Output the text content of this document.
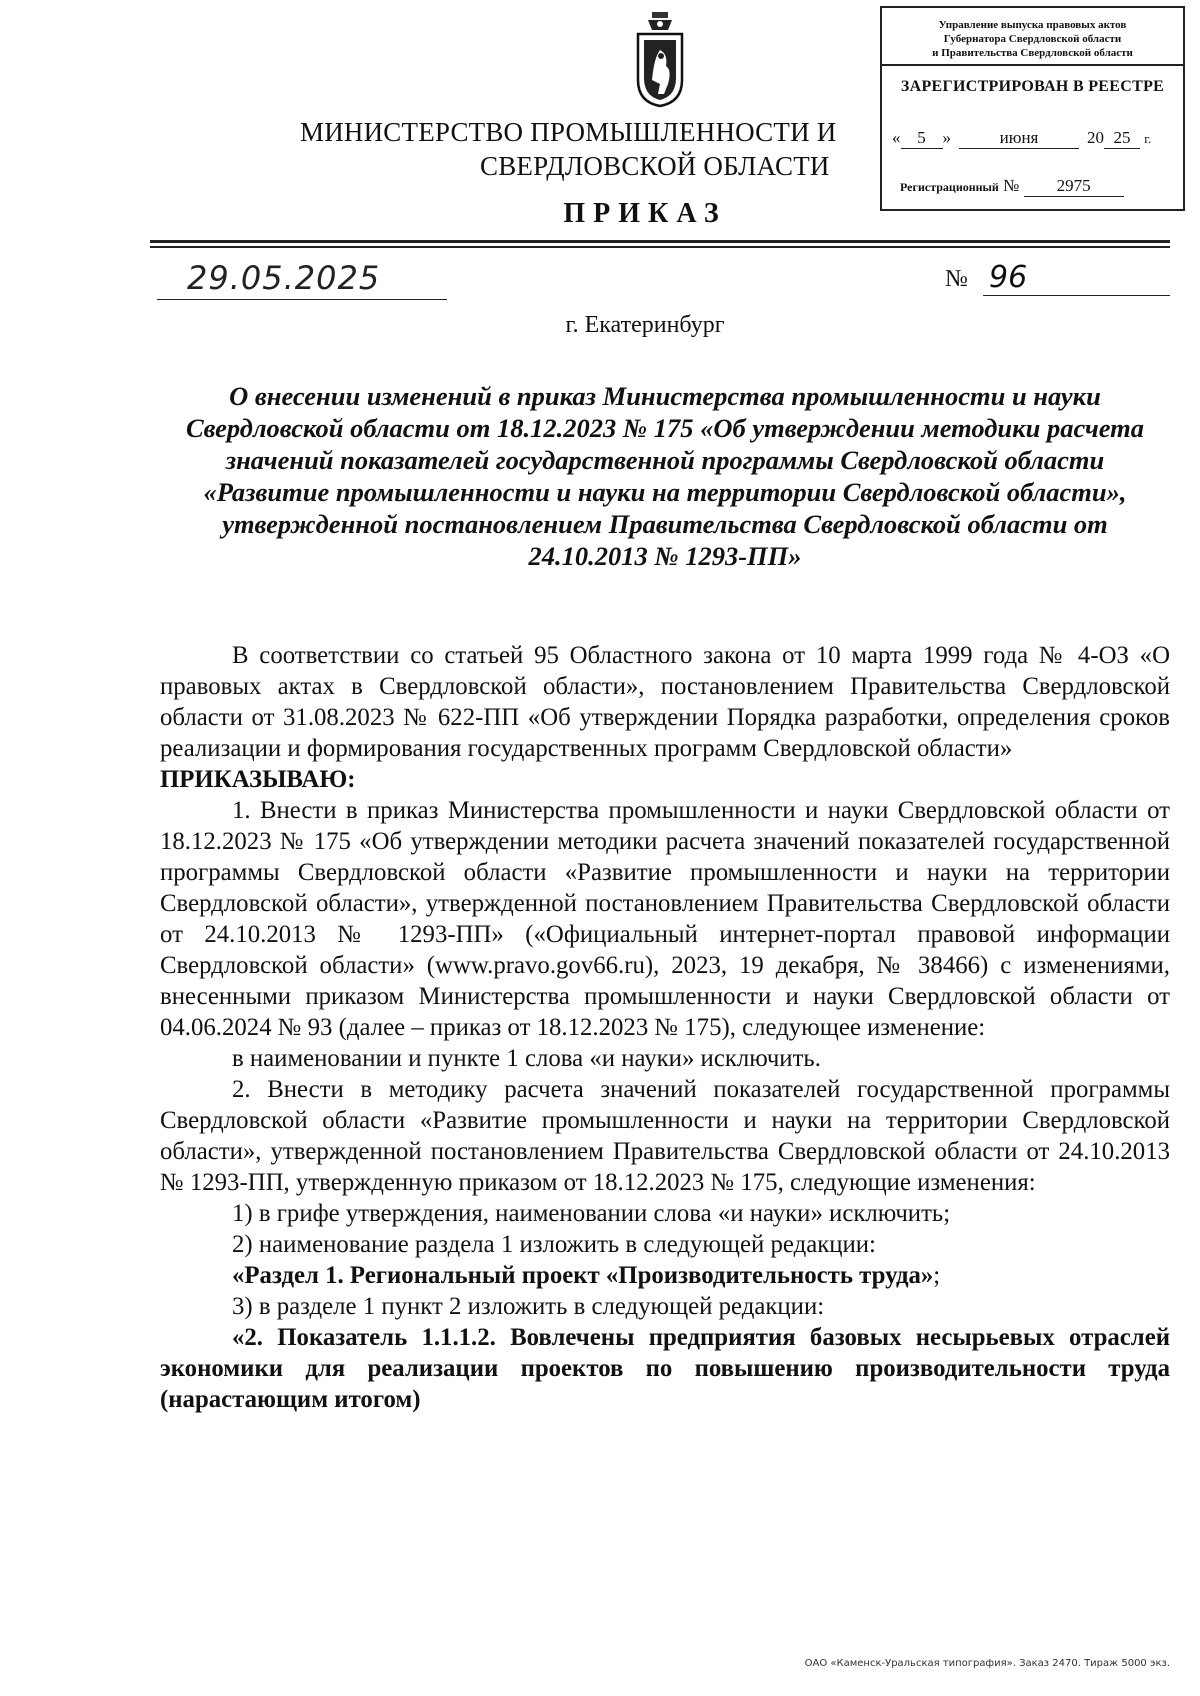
Управление выпуска правовых актов
Губернатора Свердловской области
и Правительства Свердловской области
ЗАРЕГИСТРИРОВАН В РЕЕСТРЕ
« 5 »	июня	20 25 г.
Регистрационный № 2975
МИНИСТЕРСТВО ПРОМЫШЛЕННОСТИ И
СВЕРДЛОВСКОЙ ОБЛАСТИ
ПРИКАЗ
29.05.2025	№ 96
г. Екатеринбург
О внесении изменений в приказ Министерства промышленности и науки Свердловской области от 18.12.2023 № 175 «Об утверждении методики расчета значений показателей государственной программы Свердловской области «Развитие промышленности и науки на территории Свердловской области», утвержденной постановлением Правительства Свердловской области от 24.10.2013 № 1293-ПП»

В соответствии со статьей 95 Областного закона от 10 марта 1999 года № 4-ОЗ «О правовых актах в Свердловской области», постановлением Правительства Свердловской области от 31.08.2023 № 622-ПП «Об утверждении Порядка разработки, определения сроков реализации и формирования государственных программ Свердловской области»

ПРИКАЗЫВАЮ:

1. Внести в приказ Министерства промышленности и науки Свердловской области от 18.12.2023 № 175 «Об утверждении методики расчета значений показателей государственной программы Свердловской области «Развитие промышленности и науки на территории Свердловской области», утвержденной постановлением Правительства Свердловской области от 24.10.2013 № 1293-ПП» («Официальный интернет-портал правовой информации Свердловской области» (www.pravo.gov66.ru), 2023, 19 декабря, № 38466) с изменениями, внесенными приказом Министерства промышленности и науки Свердловской области от 04.06.2024 № 93 (далее – приказ от 18.12.2023 № 175), следующее изменение:

в наименовании и пункте 1 слова «и науки» исключить.

2. Внести в методику расчета значений показателей государственной программы Свердловской области «Развитие промышленности и науки на территории Свердловской области», утвержденной постановлением Правительства Свердловской области от 24.10.2013 № 1293-ПП, утвержденную приказом от 18.12.2023 № 175, следующие изменения:

1) в грифе утверждения, наименовании слова «и науки» исключить;

2) наименование раздела 1 изложить в следующей редакции:

«Раздел 1. Региональный проект «Производительность труда»;

3) в разделе 1 пункт 2 изложить в следующей редакции:

«2. Показатель 1.1.1.2. Вовлечены предприятия базовых несырьевых отраслей экономики для реализации проектов по повышению производительности труда (нарастающим итогом)

ОАО «Каменск-Уральская типография». Заказ 2470. Тираж 5000 экз.
